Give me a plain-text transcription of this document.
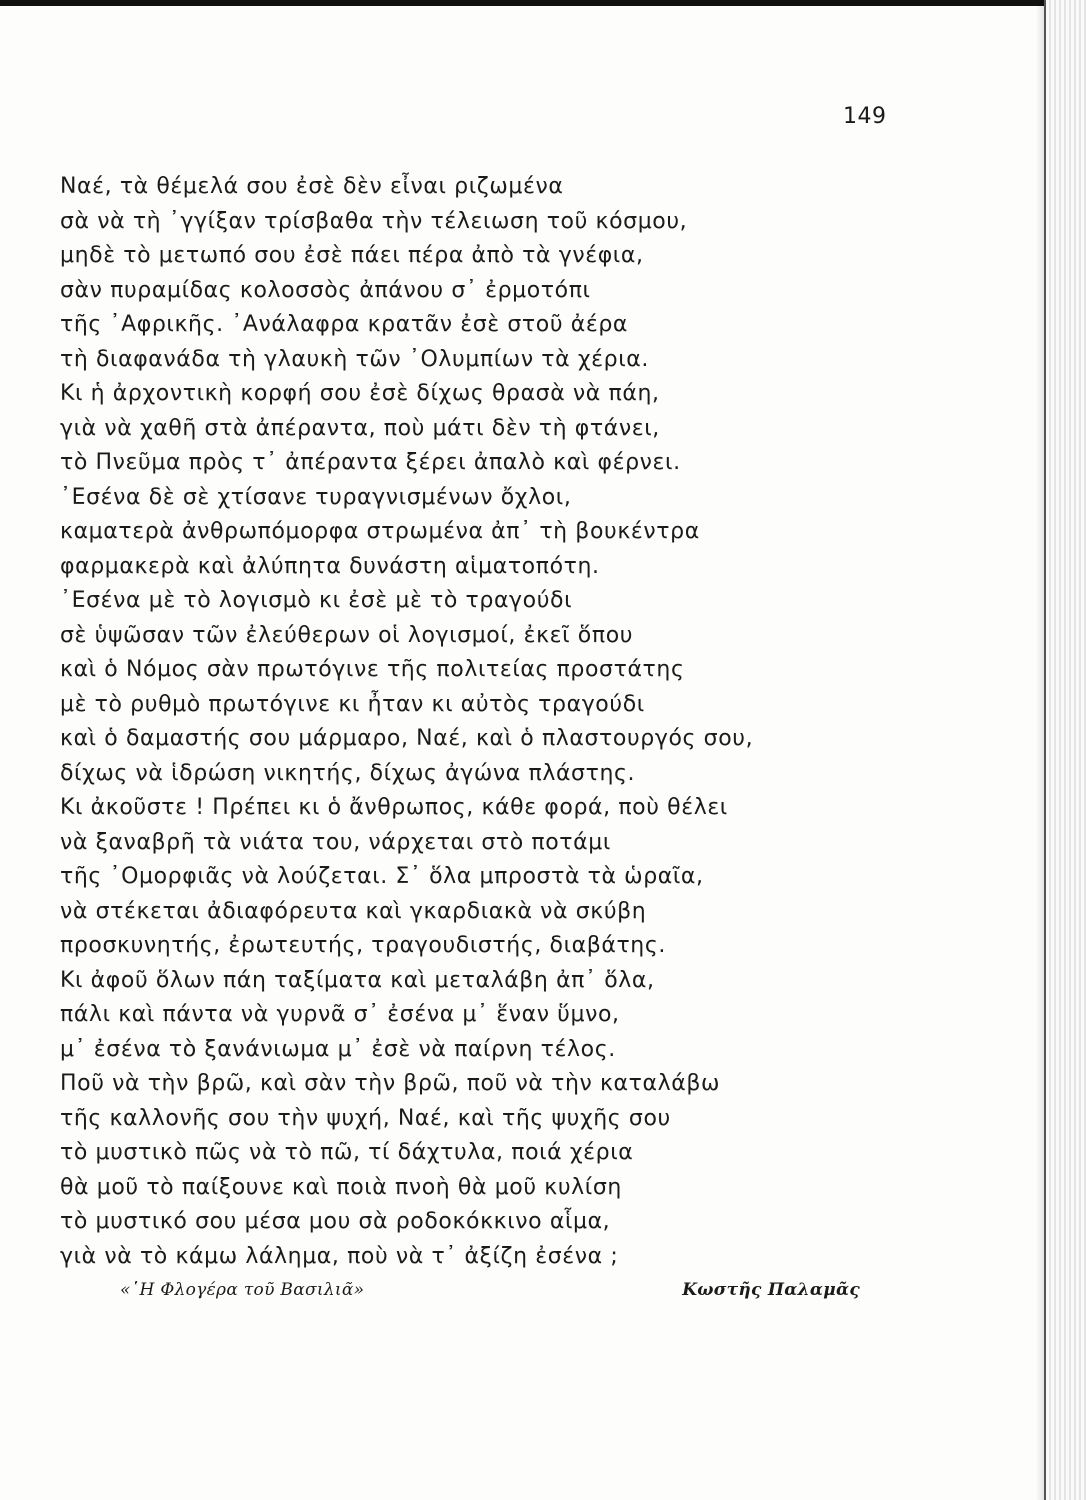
149
Ναέ, τὰ θέμελά σου ἐσὲ δὲν εἶναι ριζωμένα
σὰ νὰ τὴ ᾿γγίξαν τρίσβαθα τὴν τέλειωση τοῦ κόσμου,
μηδὲ τὸ μετωπό σου ἐσὲ πάει πέρα ἀπὸ τὰ γνέφια,
σὰν πυραμίδας κολοσσὸς ἀπάνου σ᾿ ἐρμοτόπι
τῆς ᾿Αφρικῆς. ᾿Ανάλαφρα κρατᾶν ἐσὲ στοῦ ἀέρα
τὴ διαφανάδα τὴ γλαυκὴ τῶν ᾿Ολυμπίων τὰ χέρια.
Κι ἡ ἀρχοντικὴ κορφή σου ἐσὲ δίχως θρασὰ νὰ πάη,
γιὰ νὰ χαθῆ στὰ ἀπέραντα, ποὺ μάτι δὲν τὴ φτάνει,
τὸ Πνεῦμα πρὸς τ᾿ ἀπέραντα ξέρει ἀπαλὸ καὶ φέρνει.
᾿Εσένα δὲ σὲ χτίσανε τυραγνισμένων ὄχλοι,
καματερὰ ἀνθρωπόμορφα στρωμένα ἀπ᾿ τὴ βουκέντρα
φαρμακερὰ καὶ ἀλύπητα δυνάστη αἱματοπότη.
᾿Εσένα μὲ τὸ λογισμὸ κι ἐσὲ μὲ τὸ τραγούδι
σὲ ὑψῶσαν τῶν ἐλεύθερων οἱ λογισμοί, ἐκεῖ ὅπου
καὶ ὁ Νόμος σὰν πρωτόγινε τῆς πολιτείας προστάτης
μὲ τὸ ρυθμὸ πρωτόγινε κι ἦταν κι αὐτὸς τραγούδι
καὶ ὁ δαμαστής σου μάρμαρο, Ναέ, καὶ ὁ πλαστουργός σου,
δίχως νὰ ἱδρώση νικητής, δίχως ἀγώνα πλάστης.
Κι ἀκοῦστε ! Πρέπει κι ὁ ἄνθρωπος, κάθε φορά, ποὺ θέλει
νὰ ξαναβρῆ τὰ νιάτα του, νάρχεται στὸ ποτάμι
τῆς ᾿Ομορφιᾶς νὰ λούζεται. Σ᾿ ὅλα μπροστὰ τὰ ὡραῖα,
νὰ στέκεται ἀδιαφόρευτα καὶ γκαρδιακὰ νὰ σκύβη
προσκυνητής, ἐρωτευτής, τραγουδιστής, διαβάτης.
Κι ἀφοῦ ὅλων πάη ταξίματα καὶ μεταλάβη ἀπ᾿ ὅλα,
πάλι καὶ πάντα νὰ γυρνᾶ σ᾿ ἐσένα μ᾿ ἕναν ὕμνο,
μ᾿ ἐσένα τὸ ξανάνιωμα μ᾿ ἐσὲ νὰ παίρνη τέλος.
Ποῦ νὰ τὴν βρῶ, καὶ σὰν τὴν βρῶ, ποῦ νὰ τὴν καταλάβω
τῆς καλλονῆς σου τὴν ψυχή, Ναέ, καὶ τῆς ψυχῆς σου
τὸ μυστικὸ πῶς νὰ τὸ πῶ, τί δάχτυλα, ποιά χέρια
θὰ μοῦ τὸ παίξουνε καὶ ποιὰ πνοὴ θὰ μοῦ κυλίση
τὸ μυστικό σου μέσα μου σὰ ροδοκόκκινο αἷμα,
γιὰ νὰ τὸ κάμω λάλημα, ποὺ νὰ τ᾿ ἀξίζη ἐσένα ;
«῾Η Φλογέρα τοῦ Βασιλιᾶ»	Κωστῆς Παλαμᾶς
